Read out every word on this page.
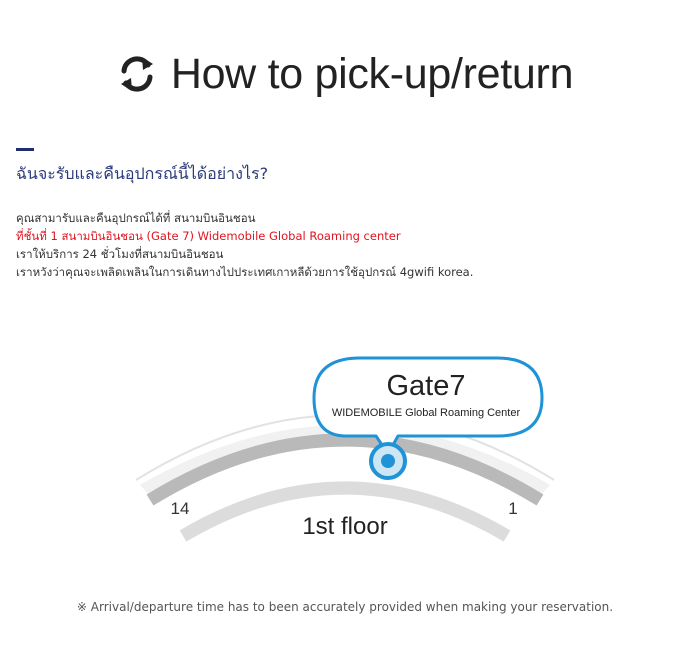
How to pick-up/return
ฉันจะรับและคืนอุปกรณ์นี้ได้อย่างไร?
คุณสามารับและคืนอุปกรณ์ได้ที่ สนามบินอินชอน
ที่ชั้นที่ 1 สนามบินอินชอน (Gate 7) Widemobile Global Roaming center
เราให้บริการ 24 ชั่วโมงที่สนามบินอินชอน
เราหวังว่าคุณจะเพลิดเพลินในการเดินทางไปประเทศเกาหลีด้วยการใช้อุปกรณ์ 4gwifi korea.
14	1
1st floor
Gate7
WIDEMOBILE Global Roaming Center
※ Arrival/departure time has to been accurately provided when making your reservation.
